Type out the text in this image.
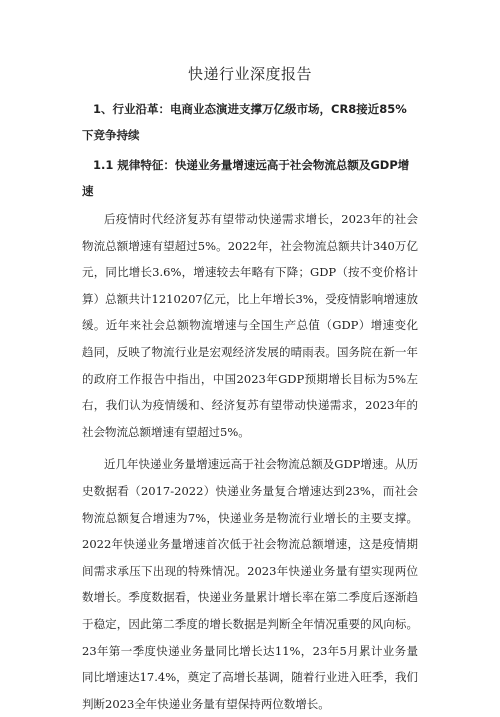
快递行业深度报告
1、行业沿革：电商业态演进支撑万亿级市场，CR8接近85%下竞争持续
1.1 规律特征：快递业务量增速远高于社会物流总额及GDP增速

后疫情时代经济复苏有望带动快递需求增长，2023年的社会物流总额增速有望超过5%。2022年，社会物流总额共计340万亿元，同比增长3.6%，增速较去年略有下降；GDP（按不变价格计算）总额共计1210207亿元，比上年增长3%，受疫情影响增速放缓。近年来社会总额物流增速与全国生产总值（GDP）增速变化趋同，反映了物流行业是宏观经济发展的晴雨表。国务院在新一年的政府工作报告中指出，中国2023年GDP预期增长目标为5%左右，我们认为疫情缓和、经济复苏有望带动快递需求，2023年的社会物流总额增速有望超过5%。

近几年快递业务量增速远高于社会物流总额及GDP增速。从历史数据看（2017-2022）快递业务量复合增速达到23%，而社会物流总额复合增速为7%，快递业务是物流行业增长的主要支撑。2022年快递业务量增速首次低于社会物流总额增速，这是疫情期间需求承压下出现的特殊情况。2023年快递业务量有望实现两位数增长。季度数据看，快递业务量累计增长率在第二季度后逐渐趋于稳定，因此第二季度的增长数据是判断全年情况重要的风向标。23年第一季度快递业务量同比增长达11%，23年5月累计业务量同比增速达17.4%，奠定了高增长基调，随着行业进入旺季，我们判断2023全年快递业务量有望保持两位数增长。
